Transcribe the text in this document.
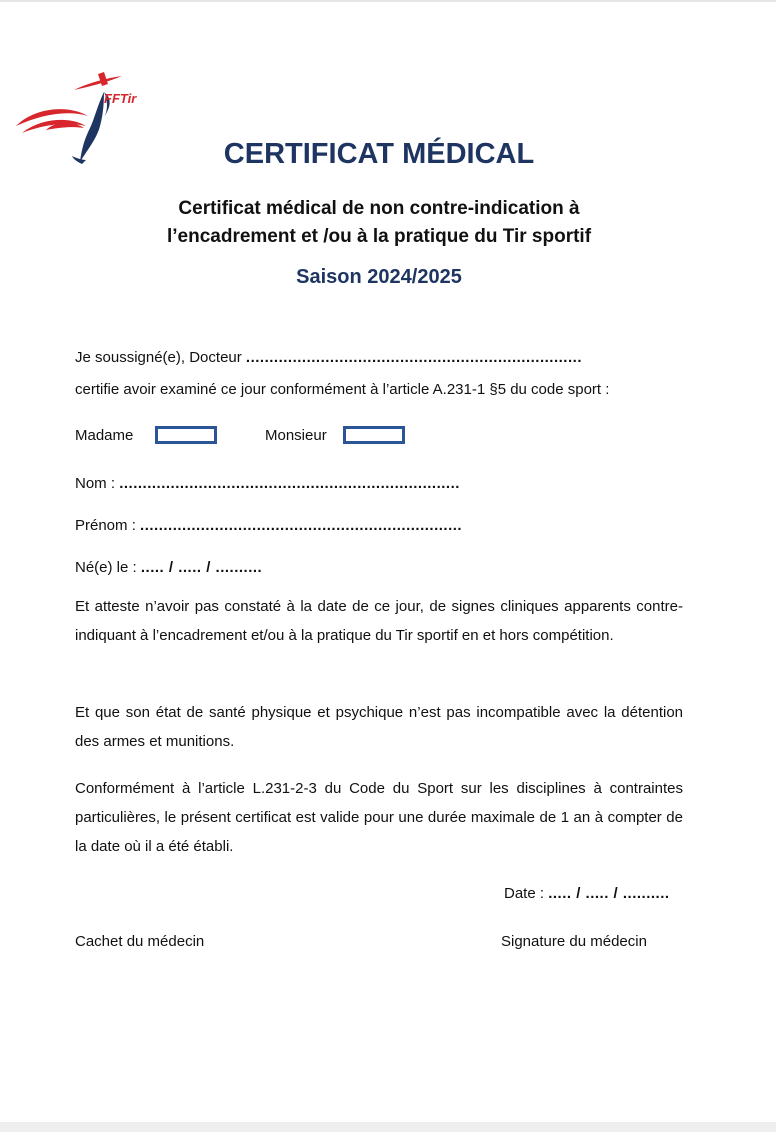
FFTir
CERTIFICAT MÉDICAL
Certificat médical de non contre-indication à
l’encadrement et /ou à la pratique du Tir sportif
Saison 2024/2025
Je soussigné(e), Docteur ........................................................................
certifie avoir examiné ce jour conformément à l’article A.231-1 §5 du code sport :
Madame	Monsieur
Nom : .........................................................................
Prénom : .....................................................................
Né(e) le : ..... / ..... / ..........
Et atteste n’avoir pas constaté à la date de ce jour, de signes cliniques apparents contre-indiquant à l’encadrement et/ou à la pratique du Tir sportif en et hors compétition.
Et que son état de santé physique et psychique n’est pas incompatible avec la détention des armes et munitions.
Conformément à l’article L.231-2-3 du Code du Sport sur les disciplines à contraintes particulières, le présent certificat est valide pour une durée maximale de 1 an à compter de la date où il a été établi.
Date : ..... / ..... / ..........
Cachet du médecin	Signature du médecin
